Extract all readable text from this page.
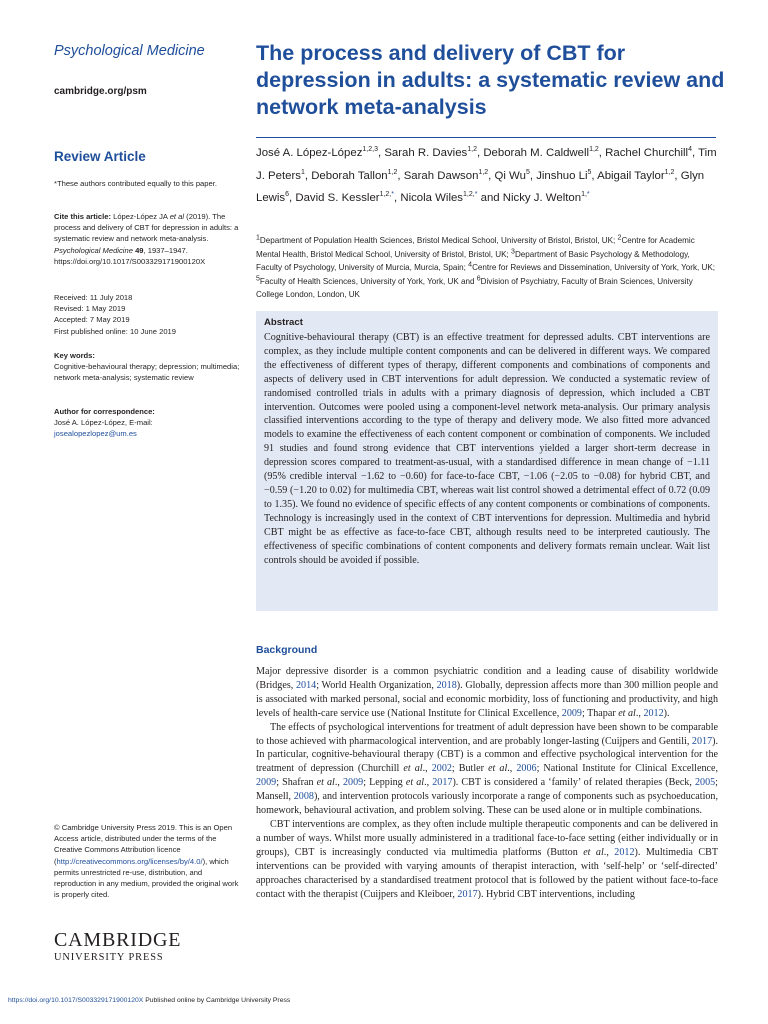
Psychological Medicine
cambridge.org/psm
Review Article

*These authors contributed equally to this paper.

Cite this article: López-López JA et al (2019). The process and delivery of CBT for depression in adults: a systematic review and network meta-analysis. Psychological Medicine 49, 1937–1947. https://doi.org/10.1017/S003329171900120X

Received: 11 July 2018

Revised: 1 May 2019

Accepted: 7 May 2019

First published online: 10 June 2019

Key words:

Cognitive-behavioural therapy; depression; multimedia; network meta-analysis; systematic review

Author for correspondence:

José A. López-López, E-mail:

josealopezlopez@um.es

© Cambridge University Press 2019. This is an Open Access article, distributed under the terms of the Creative Commons Attribution licence (http://creativecommons.org/licenses/by/4.0/), which permits unrestricted re-use, distribution, and reproduction in any medium, provided the original work is properly cited.

CAMBRIDGE
UNIVERSITY PRESS
The process and delivery of CBT for depression in adults: a systematic review and network meta-analysis
José A. López-López$^{1,2,3}$, Sarah R. Davies$^{1,2}$, Deborah M. Caldwell$^{1,2}$, Rachel Churchill$^4$, Tim J. Peters$^1$, Deborah Tallon$^{1,2}$, Sarah Dawson$^{1,2}$, Qi Wu$^5$, Jinshuo Li$^5$, Abigail Taylor$^{1,2}$, Glyn Lewis$^6$, David S. Kessler$^{1,2,*}$, Nicola Wiles$^{1,2,*}$ and Nicky J. Welton$^{1,*}$
$^1$Department of Population Health Sciences, Bristol Medical School, University of Bristol, Bristol, UK; $^2$Centre for Academic Mental Health, Bristol Medical School, University of Bristol, Bristol, UK; $^3$Department of Basic Psychology & Methodology, Faculty of Psychology, University of Murcia, Murcia, Spain; $^4$Centre for Reviews and Dissemination, University of York, York, UK; $^5$Faculty of Health Sciences, University of York, York, UK and $^6$Division of Psychiatry, Faculty of Brain Sciences, University College London, London, UK
Abstract

Cognitive-behavioural therapy (CBT) is an effective treatment for depressed adults. CBT interventions are complex, as they include multiple content components and can be delivered in different ways. We compared the effectiveness of different types of therapy, different components and combinations of components and aspects of delivery used in CBT interventions for adult depression. We conducted a systematic review of randomised controlled trials in adults with a primary diagnosis of depression, which included a CBT intervention. Outcomes were pooled using a component-level network meta-analysis. Our primary analysis classified interventions according to the type of therapy and delivery mode. We also fitted more advanced models to examine the effectiveness of each content component or combination of components. We included 91 studies and found strong evidence that CBT interventions yielded a larger short-term decrease in depression scores compared to treatment-as-usual, with a standardised difference in mean change of −1.11 (95% credible interval −1.62 to −0.60) for face-to-face CBT, −1.06 (−2.05 to −0.08) for hybrid CBT, and −0.59 (−1.20 to 0.02) for multimedia CBT, whereas wait list control showed a detrimental effect of 0.72 (0.09 to 1.35). We found no evidence of specific effects of any content components or combinations of components. Technology is increasingly used in the context of CBT interventions for depression. Multimedia and hybrid CBT might be as effective as face-to-face CBT, although results need to be interpreted cautiously. The effectiveness of specific combinations of content components and delivery formats remain unclear. Wait list controls should be avoided if possible.

Background

Major depressive disorder is a common psychiatric condition and a leading cause of disability worldwide (Bridges, 2014; World Health Organization, 2018). Globally, depression affects more than 300 million people and is associated with marked personal, social and economic morbidity, loss of functioning and productivity, and high levels of health-care service use (National Institute for Clinical Excellence, 2009; Thapar et al., 2012).

The effects of psychological interventions for treatment of adult depression have been shown to be comparable to those achieved with pharmacological intervention, and are probably longer-lasting (Cuijpers and Gentili, 2017). In particular, cognitive-behavioural therapy (CBT) is a common and effective psychological intervention for the treatment of depression (Churchill et al., 2002; Butler et al., 2006; National Institute for Clinical Excellence, 2009; Shafran et al., 2009; Lepping et al., 2017). CBT is considered a ‘family’ of related therapies (Beck, 2005; Mansell, 2008), and intervention protocols variously incorporate a range of components such as psychoeducation, homework, behavioural activation, and problem solving. These can be used alone or in multiple combinations.

CBT interventions are complex, as they often include multiple therapeutic components and can be delivered in a number of ways. Whilst more usually administered in a traditional face-to-face setting (either individually or in groups), CBT is increasingly conducted via multimedia platforms (Button et al., 2012). Multimedia CBT interventions can be provided with varying amounts of therapist interaction, with ‘self-help’ or ‘self-directed’ approaches characterised by a standardised treatment protocol that is followed by the patient without face-to-face contact with the therapist (Cuijpers and Kleiboer, 2017). Hybrid CBT interventions, including

https://doi.org/10.1017/S003329171900120X Published online by Cambridge University Press
